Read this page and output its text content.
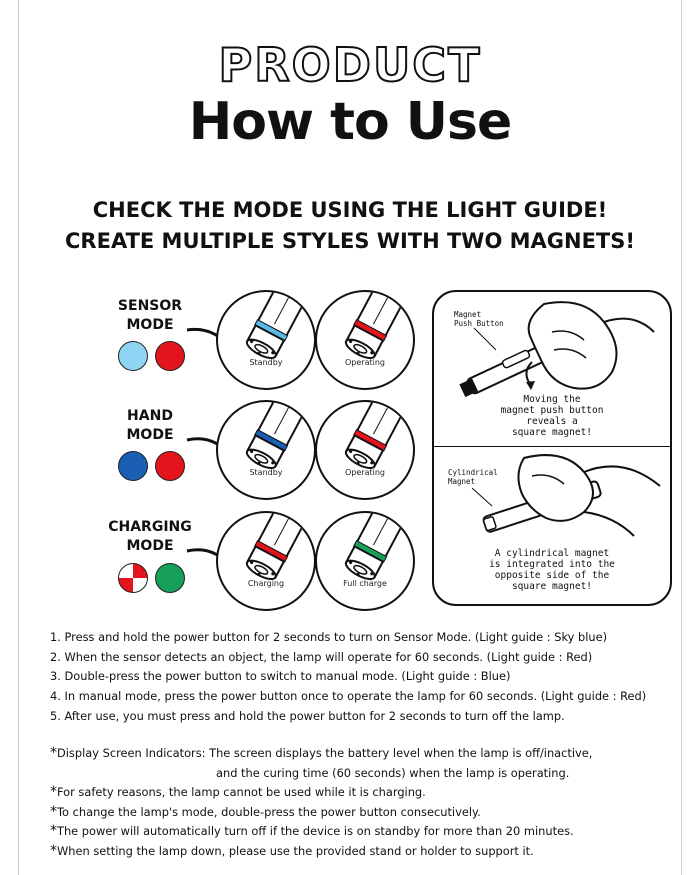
PRODUCT
How to Use
CHECK THE MODE USING THE LIGHT GUIDE!
CREATE MULTIPLE STYLES WITH TWO MAGNETS!
SENSOR
MODE
HAND
MODE
CHARGING
MODE
Standby	Operating
Standby	Operating
Charging	Full charge
Magnet
Push Button
Moving the
magnet push button
reveals a
square magnet!
Cylindrical
Magnet
A cylindrical magnet
is integrated into the
opposite side of the
square magnet!
1. Press and hold the power button for 2 seconds to turn on Sensor Mode. (Light guide : Sky blue)
2. When the sensor detects an object, the lamp will operate for 60 seconds. (Light guide : Red)
3. Double-press the power button to switch to manual mode. (Light guide : Blue)
4. In manual mode, press the power button once to operate the lamp for 60 seconds. (Light guide : Red)
5. After use, you must press and hold the power button for 2 seconds to turn off the lamp.
*Display Screen Indicators: The screen displays the battery level when the lamp is off/inactive,
and the curing time (60 seconds) when the lamp is operating.
*For safety reasons, the lamp cannot be used while it is charging.
*To change the lamp's mode, double-press the power button consecutively.
*The power will automatically turn off if the device is on standby for more than 20 minutes.
*When setting the lamp down, please use the provided stand or holder to support it.
